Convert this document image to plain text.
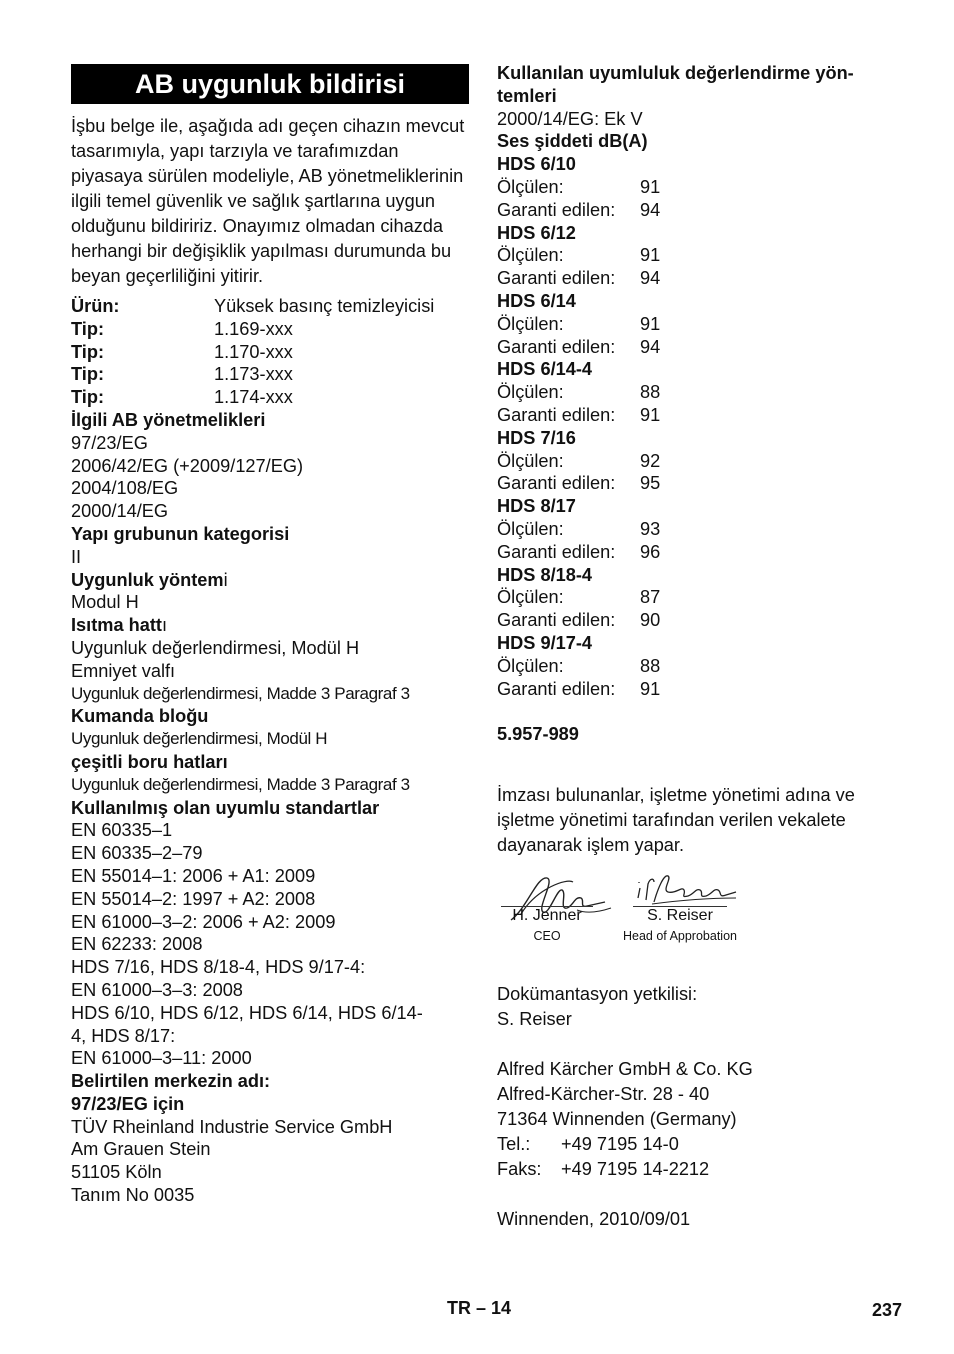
AB uygunluk bildirisi
İşbu belge ile, aşağıda adı geçen cihazın mevcut tasarımıyla, yapı tarzıyla ve tarafımızdan piyasaya sürülen modeliyle, AB yönetmeliklerinin ilgili temel güvenlik ve sağlık şartlarına uygun olduğunu bildiririz. Onayımız olmadan cihazda herhangi bir değişiklik yapılması durumunda bu beyan geçerliliğini yitirir.
Ürün:	Yüksek basınç temizleyicisi
Tip:	1.169-xxx
Tip:	1.170-xxx
Tip:	1.173-xxx
Tip:	1.174-xxx
İlgili AB yönetmelikleri
97/23/EG
2006/42/EG (+2009/127/EG)
2004/108/EG
2000/14/EG
Yapı grubunun kategorisi
II
Uygunluk yöntemi
Modul H
Isıtma hattı
Uygunluk değerlendirmesi, Modül H
Emniyet valfı
Uygunluk değerlendirmesi, Madde 3 Paragraf 3
Kumanda bloğu
Uygunluk değerlendirmesi, Modül H
çeşitli boru hatları
Uygunluk değerlendirmesi, Madde 3 Paragraf 3
Kullanılmış olan uyumlu standartlar
EN 60335–1
EN 60335–2–79
EN 55014–1: 2006 + A1: 2009
EN 55014–2: 1997 + A2: 2008
EN 61000–3–2: 2006 + A2: 2009
EN 62233: 2008
HDS 7/16, HDS 8/18-4, HDS 9/17-4:
EN 61000–3–3: 2008
HDS 6/10, HDS 6/12, HDS 6/14, HDS 6/14-
4, HDS 8/17:
EN 61000–3–11: 2000
Belirtilen merkezin adı:
97/23/EG için
TÜV Rheinland Industrie Service GmbH
Am Grauen Stein
51105 Köln
Tanım No 0035
Kullanılan uyumluluk değerlendirme yön-
temleri
2000/14/EG: Ek V
Ses şiddeti dB(A)
HDS 6/10
Ölçülen:	91
Garanti edilen:	94
HDS 6/12
Ölçülen:	91
Garanti edilen:	94
HDS 6/14
Ölçülen:	91
Garanti edilen:	94
HDS 6/14-4
Ölçülen:	88
Garanti edilen:	91
HDS 7/16
Ölçülen:	92
Garanti edilen:	95
HDS 8/17
Ölçülen:	93
Garanti edilen:	96
HDS 8/18-4
Ölçülen:	87
Garanti edilen:	90
HDS 9/17-4
Ölçülen:	88
Garanti edilen:	91
5.957-989
İmzası bulunanlar, işletme yönetimi adına ve işletme yönetimi tarafından verilen vekalete dayanarak işlem yapar.
H. Jenner
CEO
S. Reiser
Head of Approbation
Dokümantasyon yetkilisi:
S. Reiser
Alfred Kärcher GmbH & Co. KG
Alfred-Kärcher-Str. 28 - 40
71364 Winnenden (Germany)
Tel.: +49 7195 14-0
Faks: +49 7195 14-2212
Winnenden, 2010/09/01
TR – 14	237
